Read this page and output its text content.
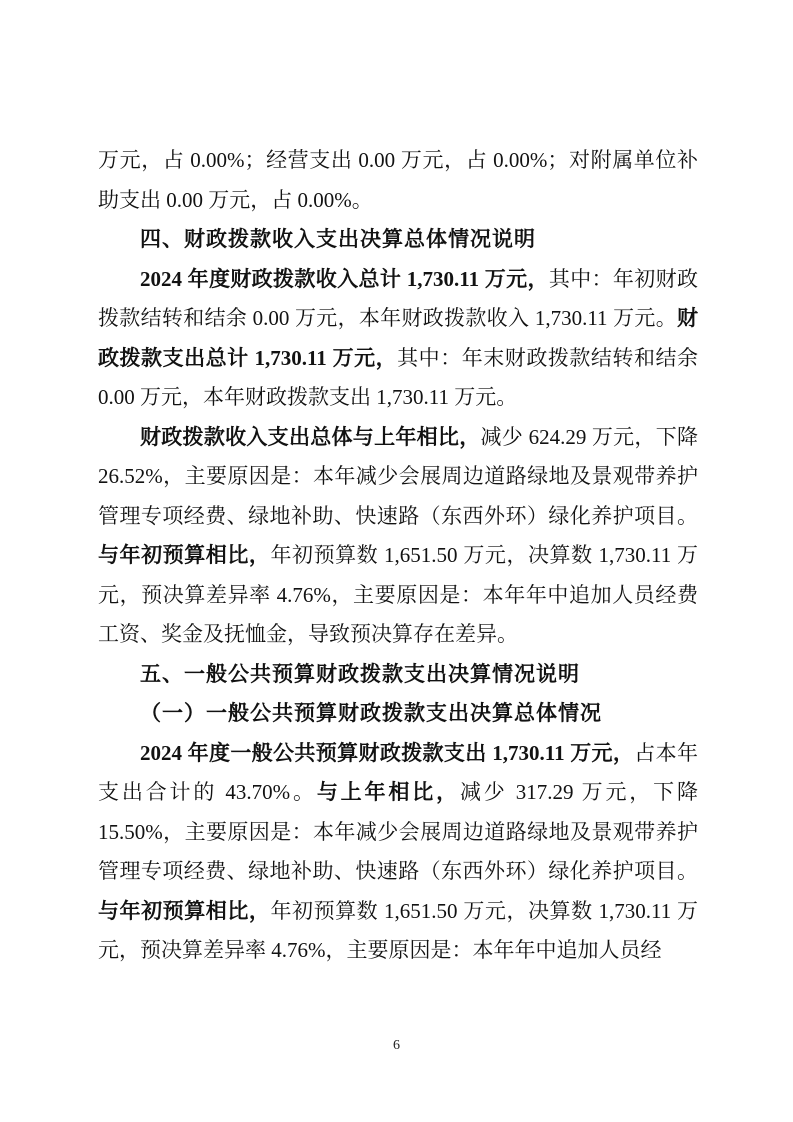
万元，占 0.00%；经营支出 0.00 万元，占 0.00%；对附属单位补助支出 0.00 万元，占 0.00%。

四、财政拨款收入支出决算总体情况说明

2024 年度财政拨款收入总计 1,730.11 万元，其中：年初财政拨款结转和结余 0.00 万元，本年财政拨款收入 1,730.11 万元。财政拨款支出总计 1,730.11 万元，其中：年末财政拨款结转和结余 0.00 万元，本年财政拨款支出 1,730.11 万元。

财政拨款收入支出总体与上年相比，减少 624.29 万元，下降 26.52%，主要原因是：本年减少会展周边道路绿地及景观带养护管理专项经费、绿地补助、快速路（东西外环）绿化养护项目。与年初预算相比，年初预算数 1,651.50 万元，决算数 1,730.11 万元，预决算差异率 4.76%，主要原因是：本年年中追加人员经费工资、奖金及抚恤金，导致预决算存在差异。

五、一般公共预算财政拨款支出决算情况说明

（一）一般公共预算财政拨款支出决算总体情况

2024 年度一般公共预算财政拨款支出 1,730.11 万元，占本年支出合计的 43.70%。与上年相比，减少 317.29 万元，下降 15.50%，主要原因是：本年减少会展周边道路绿地及景观带养护管理专项经费、绿地补助、快速路（东西外环）绿化养护项目。与年初预算相比，年初预算数 1,651.50 万元，决算数 1,730.11 万元，预决算差异率 4.76%，主要原因是：本年年中追加人员经

6
